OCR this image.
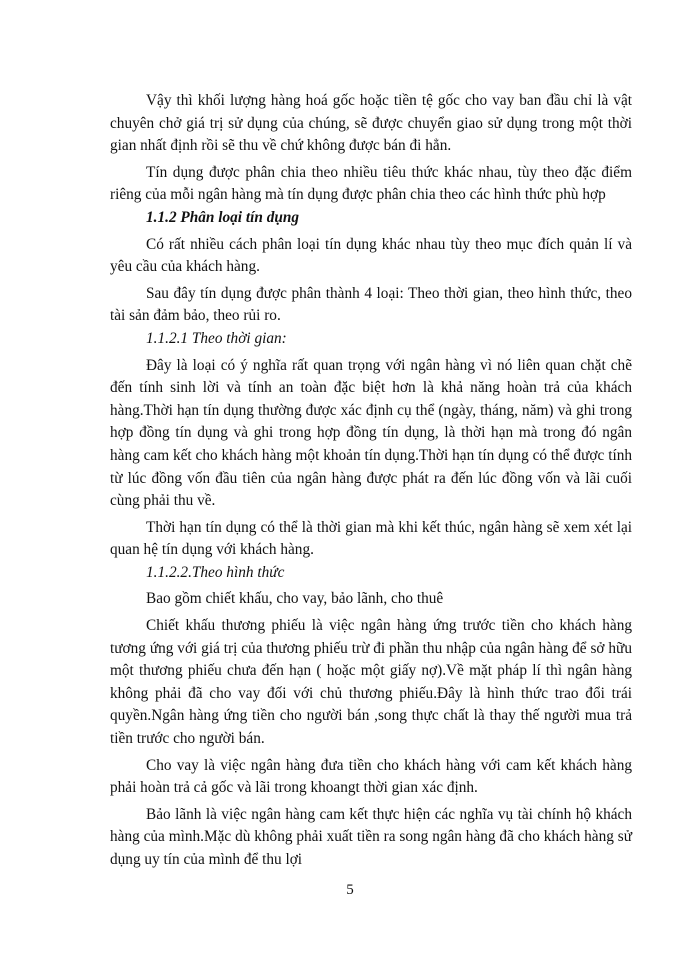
Vậy thì khối lượng hàng hoá gốc hoặc tiền tệ gốc cho vay ban đầu chỉ là vật chuyên chở giá trị sử dụng của chúng, sẽ được chuyển giao sử dụng trong một thời gian nhất định rồi sẽ thu về chứ không được bán đi hẳn.

Tín dụng được phân chia theo nhiều tiêu thức khác nhau, tùy theo đặc điểm riêng của mỗi ngân hàng mà tín dụng được phân chia theo các hình thức phù hợp

1.1.2 Phân loại tín dụng

Có rất nhiều cách phân loại tín dụng khác nhau tùy theo mục đích quản lí và yêu cầu của khách hàng.

Sau đây tín dụng được phân thành 4 loại: Theo thời gian, theo hình thức, theo tài sản đảm bảo, theo rủi ro.

1.1.2.1 Theo thời gian:

Đây là loại có ý nghĩa rất quan trọng với ngân hàng vì nó liên quan chặt chẽ đến tính sinh lời và tính an toàn đặc biệt hơn là khả năng hoàn trả của khách hàng.Thời hạn tín dụng thường được xác định cụ thể (ngày, tháng, năm) và ghi trong hợp đồng tín dụng và ghi trong hợp đồng tín dụng, là thời hạn mà trong đó ngân hàng cam kết cho khách hàng một khoản tín dụng.Thời hạn tín dụng có thể được tính từ lúc đồng vốn đầu tiên của ngân hàng được phát ra đến lúc đồng vốn và lãi cuối cùng phải thu về.

Thời hạn tín dụng có thể là thời gian mà khi kết thúc, ngân hàng sẽ xem xét lại quan hệ tín dụng với khách hàng.

1.1.2.2.Theo hình thức

Bao gồm chiết khấu, cho vay, bảo lãnh, cho thuê

Chiết khấu thương phiếu là việc ngân hàng ứng trước tiền cho khách hàng tương ứng với giá trị của thương phiếu trừ đi phần thu nhập của ngân hàng để sở hữu một thương phiếu chưa đến hạn ( hoặc một giấy nợ).Về mặt pháp lí thì ngân hàng không phải đã cho vay đối với chủ thương phiếu.Đây là hình thức trao đổi trái quyền.Ngân hàng ứng tiền cho người bán ,song thực chất là thay thế người mua trả tiền trước cho người bán.

Cho vay là việc ngân hàng đưa tiền cho khách hàng với cam kết khách hàng phải hoàn trả cả gốc và lãi trong khoangt thời gian xác định.

Bảo lãnh là việc ngân hàng cam kết thực hiện các nghĩa vụ tài chính hộ khách hàng của mình.Mặc dù không phải xuất tiền ra song ngân hàng đã cho khách hàng sử dụng uy tín của mình để thu lợi

5
